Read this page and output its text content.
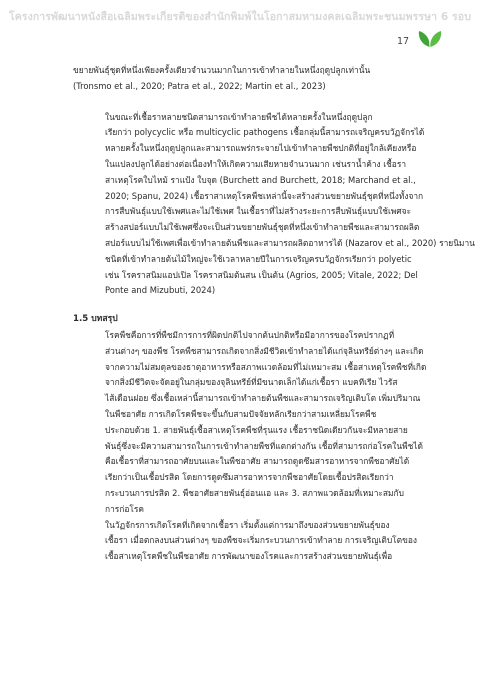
โครงการพัฒนาหนังสือเฉลิมพระเกียรติของสำนักพิมพ์ในโอกาสมหามงคลเฉลิมพระชนมพรรษา 6 รอบ
17

ขยายพันธุ์ชุดที่หนึ่งเพียงครั้งเดียวจำนวนมากในการเข้าทำลายในหนึ่งฤดูปลูกเท่านั้น
(Tronsmo et al., 2020; Patra et al., 2022; Martin et al., 2023)

ในขณะที่เชื้อราหลายชนิดสามารถเข้าทำลายพืชได้หลายครั้งในหนึ่งฤดูปลูก
เรียกว่า polycyclic หรือ multicyclic pathogens เชื้อกลุ่มนี้สามารถเจริญครบวัฏจักรได้
หลายครั้งในหนึ่งฤดูปลูกและสามารถแพร่กระจายไปเข้าทำลายพืชปกติที่อยู่ใกล้เคียงหรือ
ในแปลงปลูกได้อย่างต่อเนื่องทำให้เกิดความเสียหายจำนวนมาก เช่นรานํ้าค้าง เชื้อรา
สาเหตุโรคใบไหม้ ราแป้ง ใบจุด (Burchett and Burchett, 2018; Marchand et al.,
2020; Spanu, 2024) เชื้อราสาเหตุโรคพืชเหล่านี้จะสร้างส่วนขยายพันธุ์ชุดที่หนึ่งทั้งจาก
การสืบพันธุ์แบบใช้เพศและไม่ใช้เพศ ในเชื้อราที่ไม่สร้างระยะการสืบพันธุ์แบบใช้เพศจะ
สร้างสปอร์แบบไม่ใช้เพศซึ่งจะเป็นส่วนขยายพันธุ์ชุดที่หนึ่งเข้าทำลายพืชและสามารถผลิต
สปอร์แบบไม่ใช้เพศเพื่อเข้าทำลายต้นพืชและสามารถผลิตอาหารได้ (Nazarov et al., 2020) รายนิมาน
ชนิดที่เข้าทำลายต้นไม้ใหญ่จะใช้เวลาหลายปีในการเจริญครบวัฏจักรเรียกว่า polyetic
เช่น โรคราสนิมแอปเปิล โรคราสนิมต้นสน เป็นต้น (Agrios, 2005; Vitale, 2022; Del
Ponte and Mizubuti, 2024)

1.5 บทสรุป

โรคพืชคือการที่พืชมีการการที่ผิดปกติไปจากต้นปกติหรือมีอาการของโรคปรากฏที่
ส่วนต่างๆ ของพืช โรคพืชสามารถเกิดจากสิ่งมีชีวิตเข้าทำลายได้แก่จุลินทรีย์ต่างๆ และเกิด
จากความไม่สมดุลของธาตุอาหารหรือสภาพแวดล้อมที่ไม่เหมาะสม เชื้อสาเหตุโรคพืชที่เกิด
จากสิ่งมีชีวิตจะจัดอยู่ในกลุ่มของจุลินทรีย์ที่มีขนาดเล็กได้แก่เชื้อรา แบคทีเรีย ไวรัส
ไส้เดือนฝอย ซึ่งเชื้อเหล่านี้สามารถเข้าทำลายต้นพืชและสามารถเจริญเติบโต เพิ่มปริมาณ
ในพืชอาศัย การเกิดโรคพืชจะขึ้นกับสามปัจจัยหลักเรียกว่าสามเหลี่ยมโรคพืช
ประกอบด้วย 1. สายพันธุ์เชื้อสาเหตุโรคพืชที่รุนแรง เชื้อราชนิดเดียวกันจะมีหลายสาย
พันธุ์ซึ่งจะมีความสามารถในการเข้าทำลายพืชที่แตกต่างกัน เชื้อที่สามารถก่อโรคในพืชได้
คือเชื้อราที่สามารถอาศัยบนและในพืชอาศัย สามารถดูดซึมสารอาหารจากพืชอาศัยได้
เรียกว่าเป็นเชื้อปรสิต โดยการดูดซึมสารอาหารจากพืชอาศัยโดยเชื้อปรสิตเรียกว่า
กระบวนการปรสิต 2. พืชอาศัยสายพันธุ์อ่อนแอ และ 3. สภาพแวดล้อมที่เหมาะสมกับ
การก่อโรค

ในวัฏจักรการเกิดโรคที่เกิดจากเชื้อรา เริ่มตั้งแต่การมาถึงของส่วนขยายพันธุ์ของ
เชื้อรา เมื่อตกลงบนส่วนต่างๆ ของพืชจะเริ่มกระบวนการเข้าทำลาย การเจริญเติบโตของ
เชื้อสาเหตุโรคพืชในพืชอาศัย การพัฒนาของโรคและการสร้างส่วนขยายพันธุ์เพื่อ
